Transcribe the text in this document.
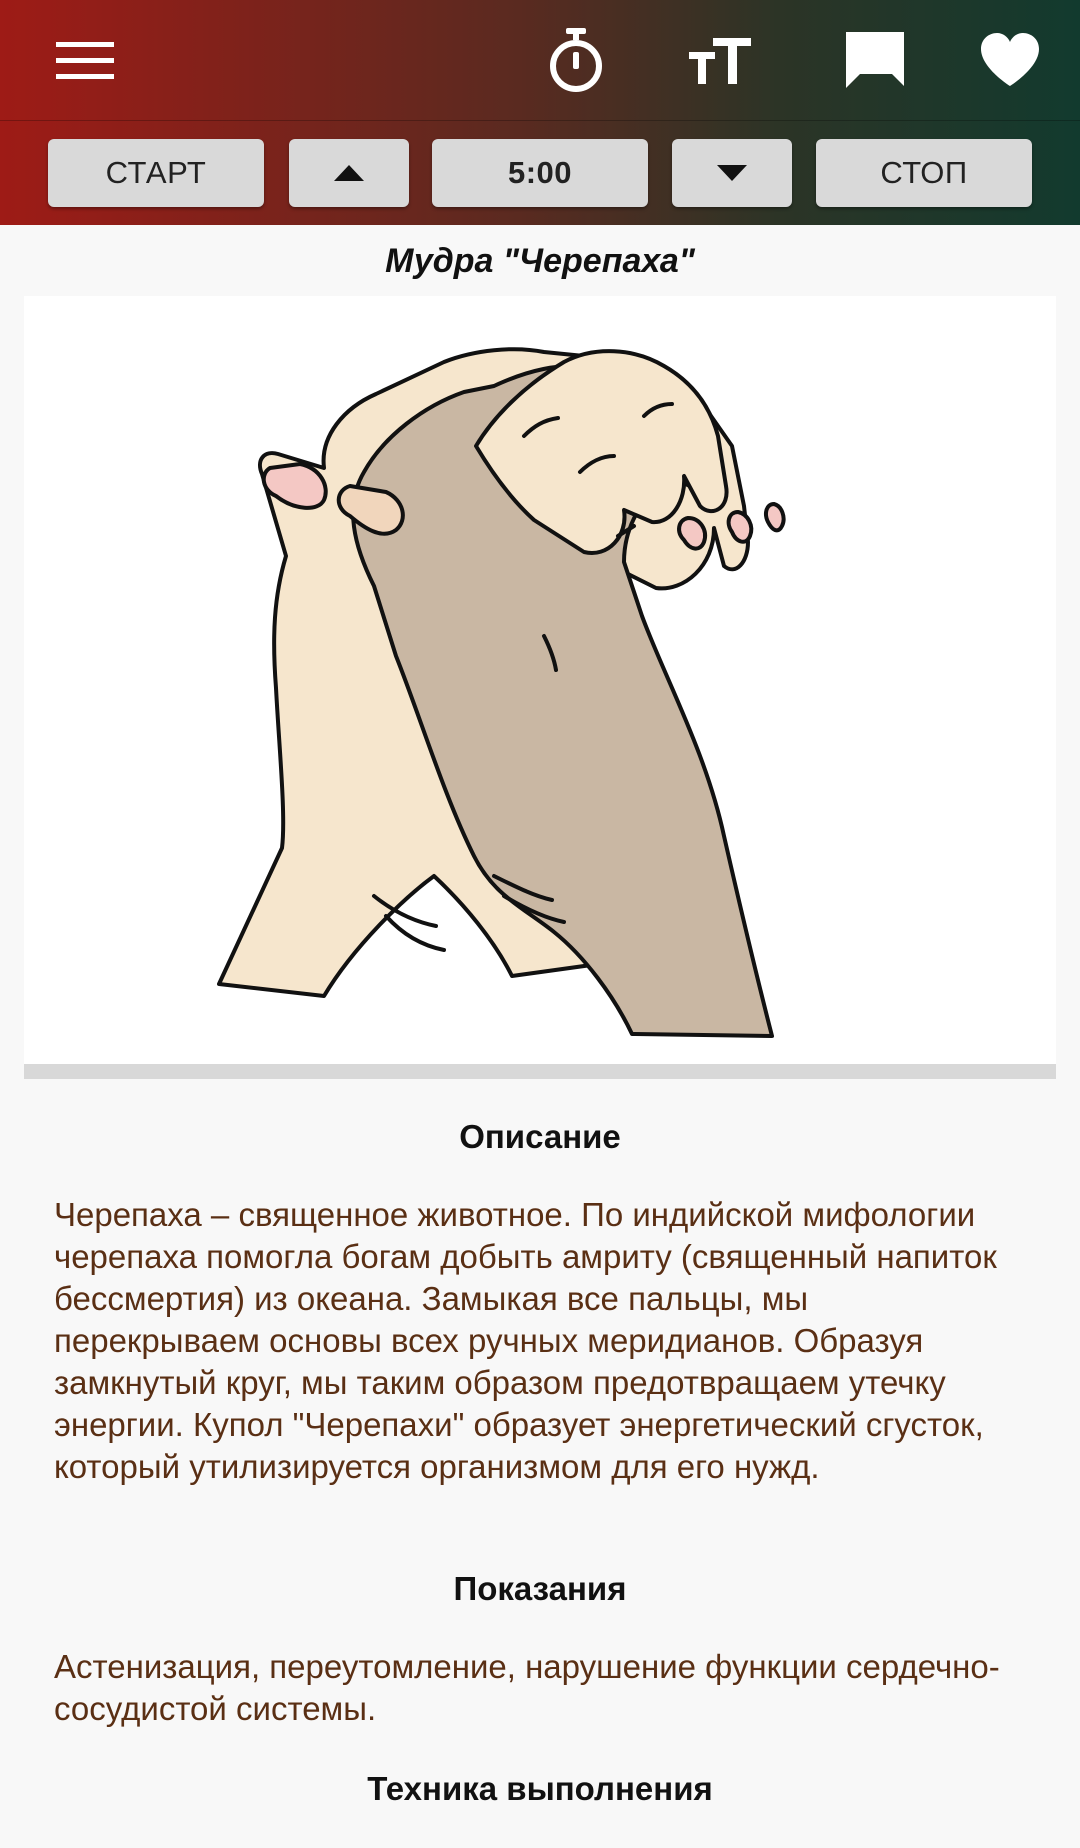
СТАРТ	5:00	СТОП
Мудра "Черепаха"
Описание
Черепаха – священное животное. По индийской мифологии черепаха помогла богам добыть амриту (священный напиток бессмертия) из океана. Замыкая все пальцы, мы перекрываем основы всех ручных меридианов. Образуя замкнутый круг, мы таким образом предотвращаем утечку энергии. Купол "Черепахи" образует энергетический сгусток, который утилизируется организмом для его нужд.
Показания
Астенизация, переутомление, нарушение функции сердечно-сосудистой системы.
Техника выполнения
